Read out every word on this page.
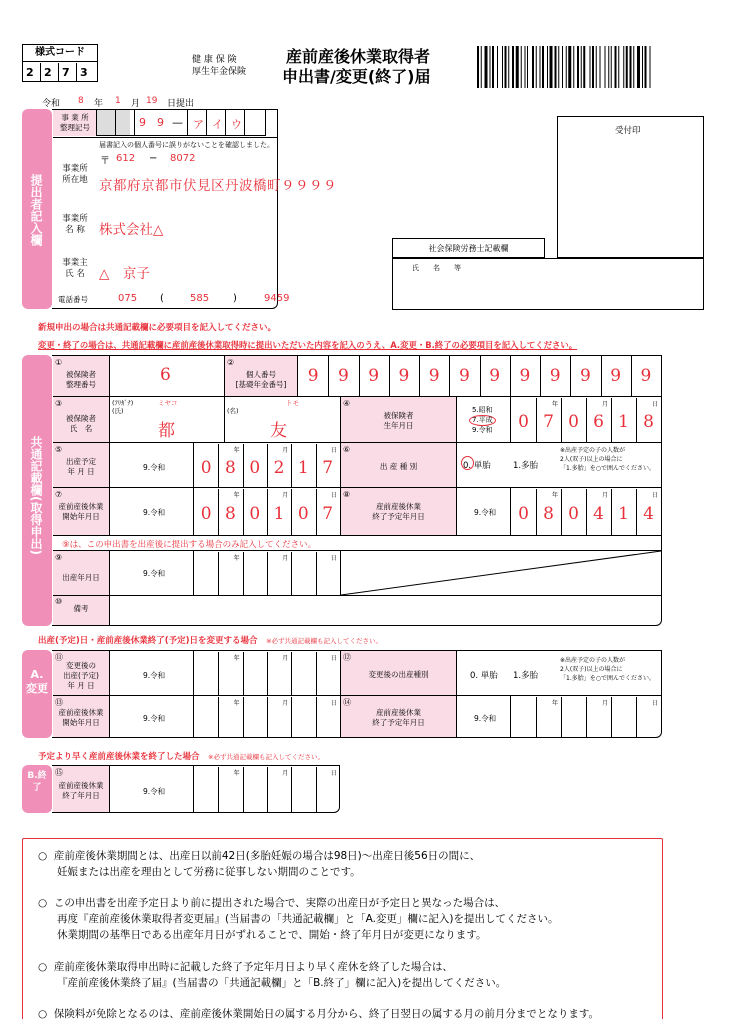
様式コード
2 2 7 3
健 康 保 険
厚生年金保険
産前産後休業取得者
申出書/変更(終了)届
令和 8 年 1 月 19 日提出
提出者記入欄
事 業 所
整理記号	9 9 — ア イ ウ
届書記入の個人番号に誤りがないことを確認しました。
事業所
所在地
〒 612 − 8072
京都府京都市伏見区丹波橋町９９９９
事業所
名 称	株式会社△
事業主
氏 名	△　京子
電話番号	075 (	585 )	9459
受付印
社会保険労務士記載欄
氏　　名　　等
新規申出の場合は共通記載欄に必要項目を記入してください。
変更・終了の場合は、共通記載欄に産前産後休業取得時に提出いただいた内容を記入のうえ、A.変更・B.終了の必要項目を記入してください。
共通記載欄(取得申出)
①
被保険者
整理番号	6
②
個人番号
[基礎年金番号]	9	9	9	9	9	9	9	9	9	9	9	9
③
被保険者
氏　名
(ﾌﾘｶﾞﾅ)
(氏)
ミヤコ
都
(名)
トモ
友
④
被保険者
生年月日
5.昭和
7.平成
9.令和	0 7 0 6 1 8
年	月	日
⑤
出産予定
年 月 日	9.令和	0 8 0 2 1 7
年	月	日 ⑥
出 産 種 別	0. 単胎	1.多胎
※出産予定の子の人数が
2人(双子)以上の場合に
「1.多胎」を○で囲んでください。
⑦
産前産後休業
開始年月日	9.令和	0 8 0 1 0 7
年	月	日 ⑧
産前産後休業
終了予定年月日	9.令和	0 8 0 4 1 4
年	月	日
⑨は、この申出書を出産後に提出する場合のみ記入してください。
⑨
出産年月日	9.令和
年	月	日
⑩
備考
出産(予定)日・産前産後休業終了(予定)日を変更する場合　 ※必ず共通記載欄も記入してください。
A.変更
⑪
変更後の
出産(予定)
年 月 日
9.令和
年	月	日 ⑫
変更後の出産種別	0. 単胎 1.多胎
※出産予定の子の人数が
2人(双子)以上の場合に
「1.多胎」を○で囲んでください。
⑬
産前産後休業
開始年月日	9.令和
年	月	日 ⑭
産前産後休業
終了予定年月日	9.令和
年	月	日
予定より早く産前産後休業を終了した場合　 ※必ず共通記載欄も記入してください。
B.終了
⑮
産前産後休業
終了年月日	9.令和
年	月	日
○ 産前産後休業期間とは、出産日以前42日(多胎妊娠の場合は98日)～出産日後56日の間に、
妊娠または出産を理由として労務に従事しない期間のことです。
○ この申出書を出産予定日より前に提出された場合で、実際の出産日が予定日と異なった場合は、
再度『産前産後休業取得者変更届』(当届書の「共通記載欄」と「A.変更」欄に記入)を提出してください。
休業期間の基準日である出産年月日がずれることで、開始・終了年月日が変更になります。
○ 産前産後休業取得申出時に記載した終了予定年月日より早く産休を終了した場合は、
『産前産後休業終了届』(当届書の「共通記載欄」と「B.終了」欄に記入)を提出してください。
○ 保険料が免除となるのは、産前産後休業開始日の属する月分から、終了日翌日の属する月の前月分までとなります。
